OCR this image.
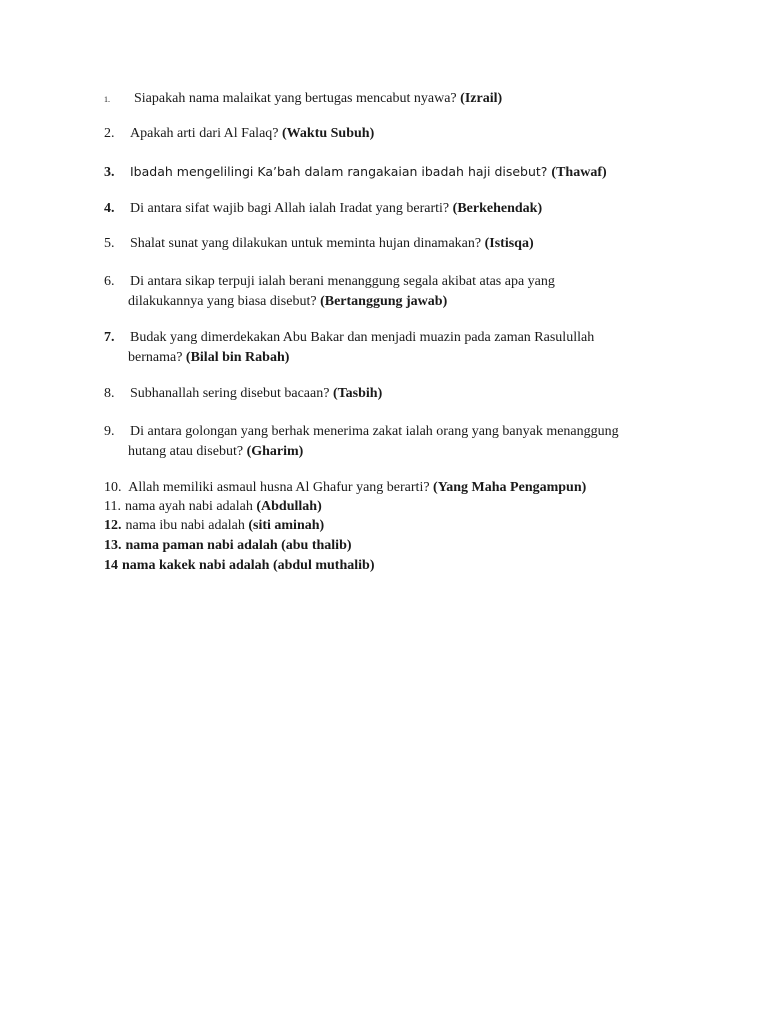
1. Siapakah nama malaikat yang bertugas mencabut nyawa? (Izrail)
2. Apakah arti dari Al Falaq? (Waktu Subuh)
3. Ibadah mengelilingi Ka’bah dalam rangakaian ibadah haji disebut? (Thawaf)
4. Di antara sifat wajib bagi Allah ialah Iradat yang berarti? (Berkehendak)
5. Shalat sunat yang dilakukan untuk meminta hujan dinamakan? (Istisqa)
6. Di antara sikap terpuji ialah berani menanggung segala akibat atas apa yang
dilakukannya yang biasa disebut? (Bertanggung jawab)
7. Budak yang dimerdekakan Abu Bakar dan menjadi muazin pada zaman Rasulullah
bernama? (Bilal bin Rabah)
8. Subhanallah sering disebut bacaan? (Tasbih)
9. Di antara golongan yang berhak menerima zakat ialah orang yang banyak menanggung
hutang atau disebut? (Gharim)
10. Allah memiliki asmaul husna Al Ghafur yang berarti? (Yang Maha Pengampun)
11. nama ayah nabi adalah (Abdullah)
12. nama ibu nabi adalah (siti aminah)
13. nama paman nabi adalah (abu thalib)
14 nama kakek nabi adalah (abdul muthalib)
